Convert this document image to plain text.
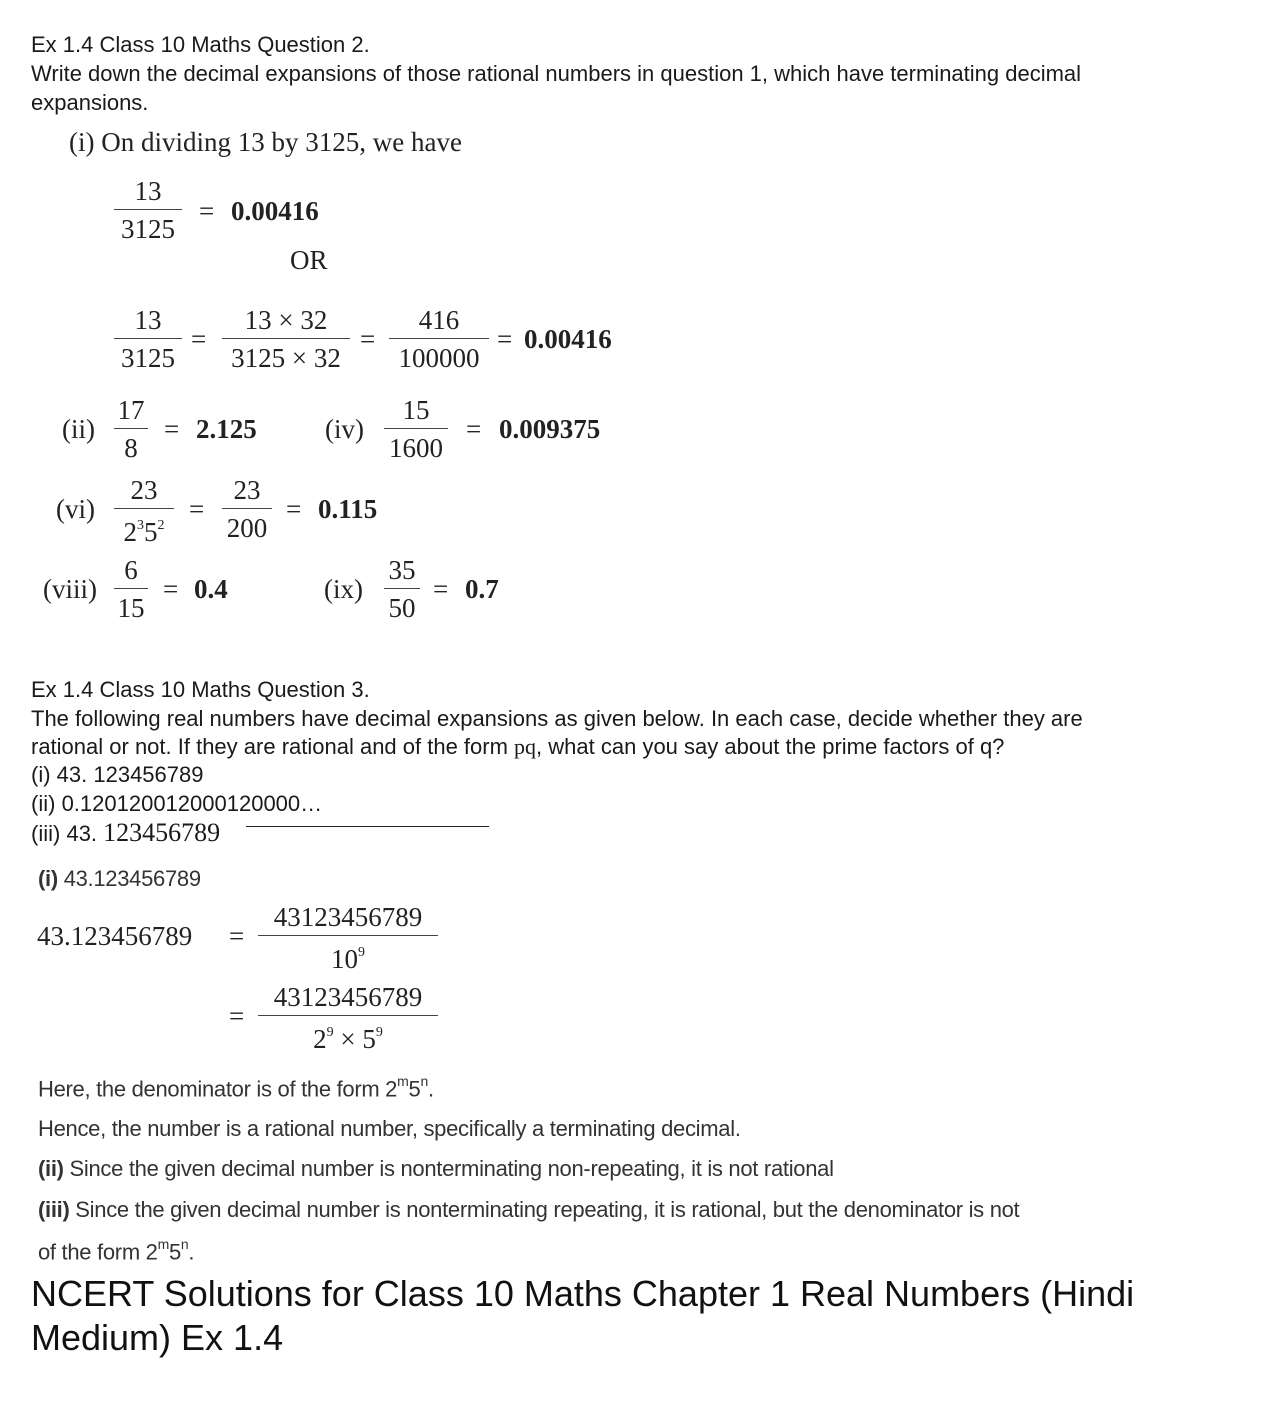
Ex 1.4 Class 10 Maths Question 2.
Write down the decimal expansions of those rational numbers in question 1, which have terminating decimal
expansions.
(i) On dividing 13 by 3125, we have
13
3125
= 0.00416
OR
13
3125
=
13 × 32
3125 × 32
=
416
100000
= 0.00416
(ii)
17
8
= 2.125	(iv)
15
1600
= 0.009375
(vi)
23
$2^35^2$
=
23
200
= 0.115
(viii)
6
15
= 0.4	(ix)
35
50
= 0.7
Ex 1.4 Class 10 Maths Question 3.
The following real numbers have decimal expansions as given below. In each case, decide whether they are
rational or not. If they are rational and of the form pq, what can you say about the prime factors of q?
(i) 43. 123456789
(ii) 0.120120012000120000…
(iii) 43. 123456789
(i) 43.123456789
43.123456789 =
43123456789
$10^9$
=
43123456789
$2^9 \times 5^9$
Here, the denominator is of the form 2$^m$5$^n$.
Hence, the number is a rational number, specifically a terminating decimal.
(ii) Since the given decimal number is nonterminating non-repeating, it is not rational
(iii) Since the given decimal number is nonterminating repeating, it is rational, but the denominator is not
of the form 2$^m$5$^n$.
NCERT Solutions for Class 10 Maths Chapter 1 Real Numbers (Hindi
Medium) Ex 1.4
